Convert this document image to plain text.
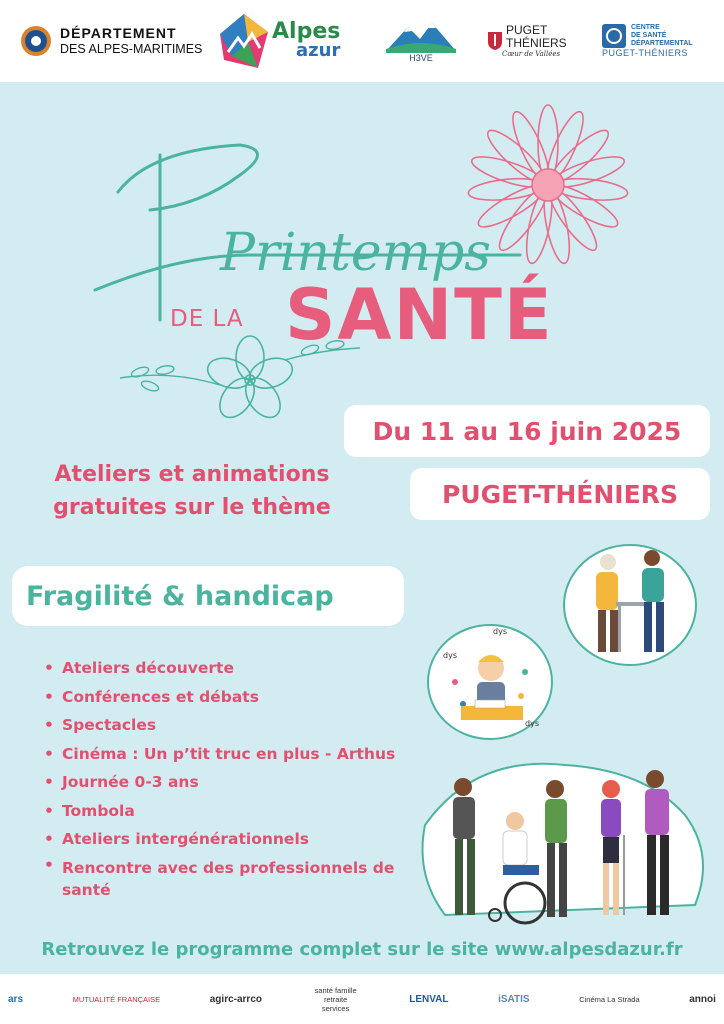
DÉPARTEMENT
DES ALPES-MARITIMES
Alpes
azur	H3VE
PUGET
THÉNIERS
Cœur de Vallées
CENTRE
DE SANTÉ
DÉPARTEMENTAL
PUGET-THÉNIERS
Printemps
DE LA SANTÉ
Du 11 au 16 juin 2025
PUGET-THÉNIERS
Ateliers et animations
gratuites sur le thème
Fragilité & handicap
• Ateliers découverte
• Conférences et débats
• Spectacles
• Cinéma : Un p’tit truc en plus - Arthus
• Journée 0-3 ans
• Tombola
• Ateliers intergénérationnels
• Rencontre avec des professionnels de santé
dys
dys
dys
Retrouvez le programme complet sur le site www.alpesdazur.fr
ars	MUTUALITÉ FRANÇAISE	agirc-arrco
santé famille retraite services
LENVAL	iSATIS	Cinéma La Strada	annoi
